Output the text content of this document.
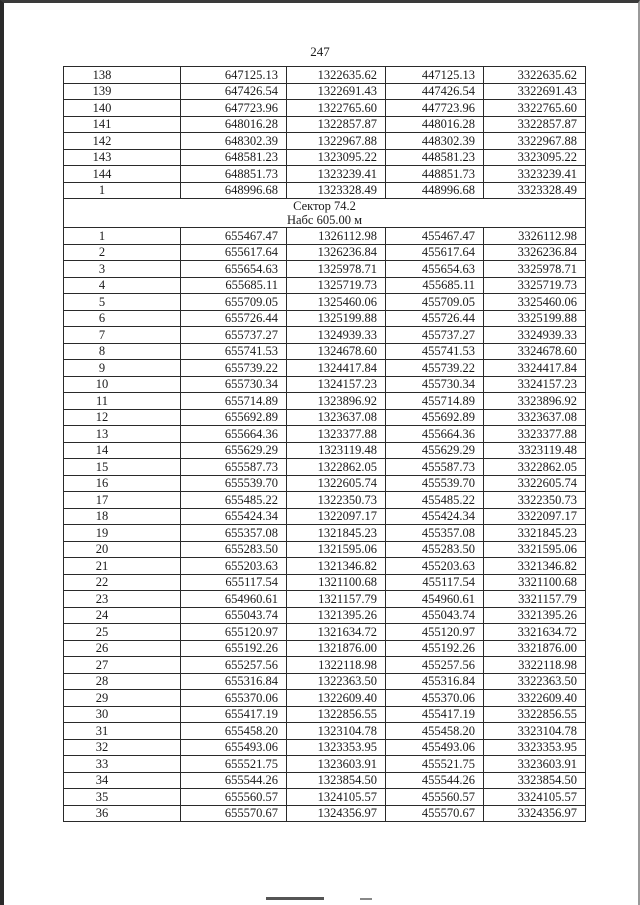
247
138	647125.13	1322635.62	447125.13	3322635.62
139	647426.54	1322691.43	447426.54	3322691.43
140	647723.96	1322765.60	447723.96	3322765.60
141	648016.28	1322857.87	448016.28	3322857.87
142	648302.39	1322967.88	448302.39	3322967.88
143	648581.23	1323095.22	448581.23	3323095.22
144	648851.73	1323239.41	448851.73	3323239.41
1	648996.68	1323328.49	448996.68	3323328.49

Сектор 74.2
Набс 605.00 м				

1	655467.47	1326112.98	455467.47	3326112.98
2	655617.64	1326236.84	455617.64	3326236.84
3	655654.63	1325978.71	455654.63	3325978.71
4	655685.11	1325719.73	455685.11	3325719.73
5	655709.05	1325460.06	455709.05	3325460.06
6	655726.44	1325199.88	455726.44	3325199.88
7	655737.27	1324939.33	455737.27	3324939.33
8	655741.53	1324678.60	455741.53	3324678.60
9	655739.22	1324417.84	455739.22	3324417.84
10	655730.34	1324157.23	455730.34	3324157.23
11	655714.89	1323896.92	455714.89	3323896.92
12	655692.89	1323637.08	455692.89	3323637.08
13	655664.36	1323377.88	455664.36	3323377.88
14	655629.29	1323119.48	455629.29	3323119.48
15	655587.73	1322862.05	455587.73	3322862.05
16	655539.70	1322605.74	455539.70	3322605.74
17	655485.22	1322350.73	455485.22	3322350.73
18	655424.34	1322097.17	455424.34	3322097.17
19	655357.08	1321845.23	455357.08	3321845.23
20	655283.50	1321595.06	455283.50	3321595.06
21	655203.63	1321346.82	455203.63	3321346.82
22	655117.54	1321100.68	455117.54	3321100.68
23	654960.61	1321157.79	454960.61	3321157.79
24	655043.74	1321395.26	455043.74	3321395.26
25	655120.97	1321634.72	455120.97	3321634.72
26	655192.26	1321876.00	455192.26	3321876.00
27	655257.56	1322118.98	455257.56	3322118.98
28	655316.84	1322363.50	455316.84	3322363.50
29	655370.06	1322609.40	455370.06	3322609.40
30	655417.19	1322856.55	455417.19	3322856.55
31	655458.20	1323104.78	455458.20	3323104.78
32	655493.06	1323353.95	455493.06	3323353.95
33	655521.75	1323603.91	455521.75	3323603.91
34	655544.26	1323854.50	455544.26	3323854.50
35	655560.57	1324105.57	455560.57	3324105.57
36	655570.67	1324356.97	455570.67	3324356.97
